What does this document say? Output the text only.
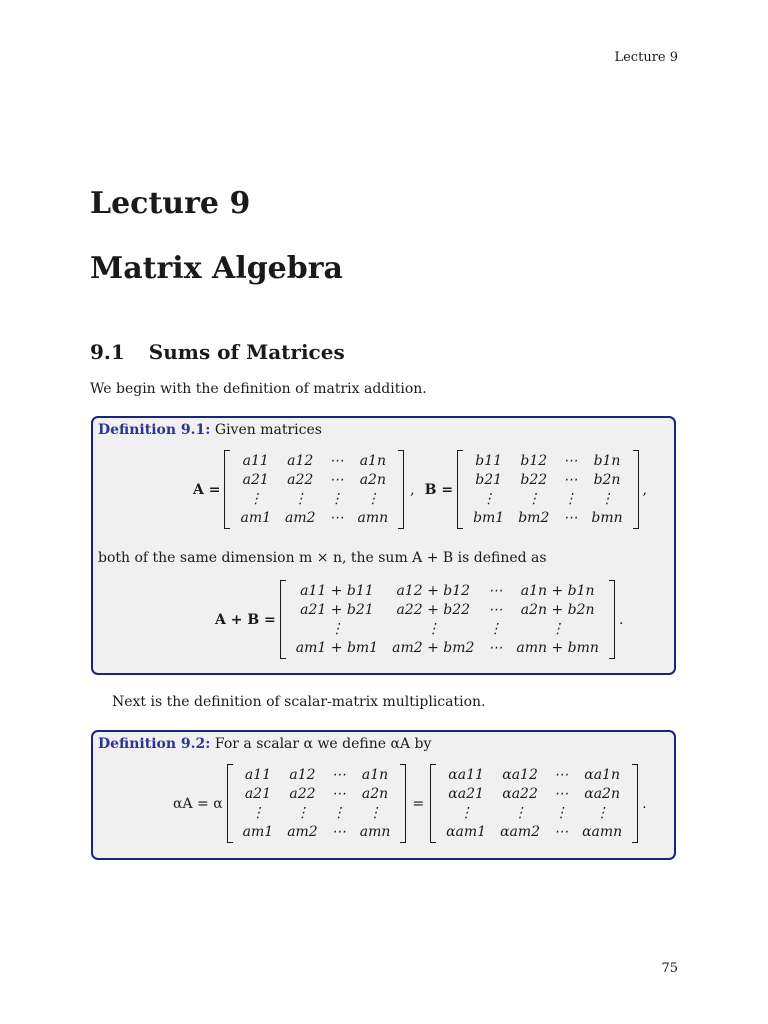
Lecture 9
Lecture 9
Matrix Algebra
9.1 Sums of Matrices
We begin with the definition of matrix addition.
Definition 9.1: Given matrices
A =
a11	a12	⋯	a1n
a21	a22	⋯	a2n
⋮	⋮	⋮	⋮
am1	am2	⋯	amn
, B =
b11	b12	⋯	b1n
b21	b22	⋯	b2n
⋮	⋮	⋮	⋮
bm1	bm2	⋯	bmn
,
both of the same dimension m × n, the sum A + B is defined as
A + B =
a11 + b11	a12 + b12	⋯	a1n + b1n
a21 + b21	a22 + b22	⋯	a2n + b2n
⋮	⋮	⋮	⋮
am1 + bm1	am2 + bm2	⋯	amn + bmn
.
Next is the definition of scalar-matrix multiplication.
Definition 9.2: For a scalar α we define αA by
αA = α
a11	a12	⋯	a1n
a21	a22	⋯	a2n
⋮	⋮	⋮	⋮
am1	am2	⋯	amn
=
αa11	αa12	⋯	αa1n
αa21	αa22	⋯	αa2n
⋮	⋮	⋮	⋮
αam1	αam2	⋯	αamn
.
75
